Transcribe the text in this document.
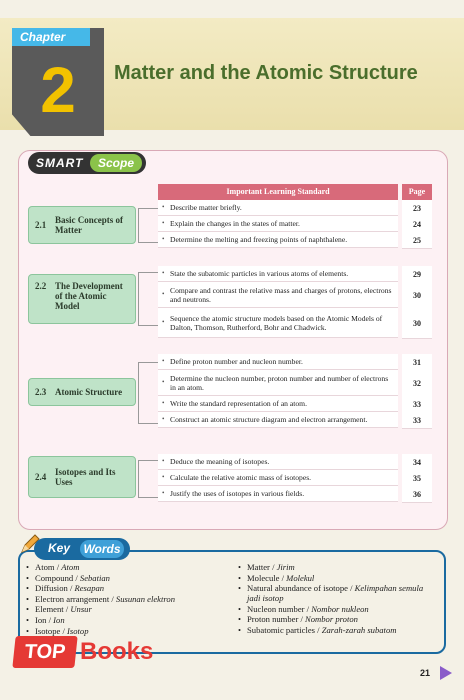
Chapter
2	Matter and the Atomic Structure
SMART	Scope
Important Learning Standard	Page
2.1 Basic Concepts of Matter
• Describe matter briefly.	23
• Explain the changes in the states of matter.	24
• Determine the melting and freezing points of naphthalene.	25
2.2 The Development of the Atomic Model
• State the subatomic particles in various atoms of elements.	29
• Compare and contrast the relative mass and charges of protons, electrons and neutrons.	30
• Sequence the atomic structure models based on the Atomic Models of Dalton, Thomson, Rutherford, Bohr and Chadwick.	30
2.3 Atomic Structure
• Define proton number and nucleon number.	31
• Determine the nucleon number, proton number and number of electrons in an atom.	32
• Write the standard representation of an atom.	33
• Construct an atomic structure diagram and electron arrangement.	33
2.4 Isotopes and Its Uses
• Deduce the meaning of isotopes.	34
• Calculate the relative atomic mass of isotopes.	35
• Justify the uses of isotopes in various fields.	36
Key Words
• Atom / Atom
• Compound / Sebatian
• Diffusion / Resapan
• Electron arrangement / Susunan elektron
• Element / Unsur
• Ion / Ion
• Isotope / Isotop
• Matter / Jirim
• Molecule / Molekul
• Natural abundance of isotope / Kelimpahan semula jadi isotop
• Nucleon number / Nombor nukleon
• Proton number / Nombor proton
• Subatomic particles / Zarah-zarah subatom
TOP Books
21
